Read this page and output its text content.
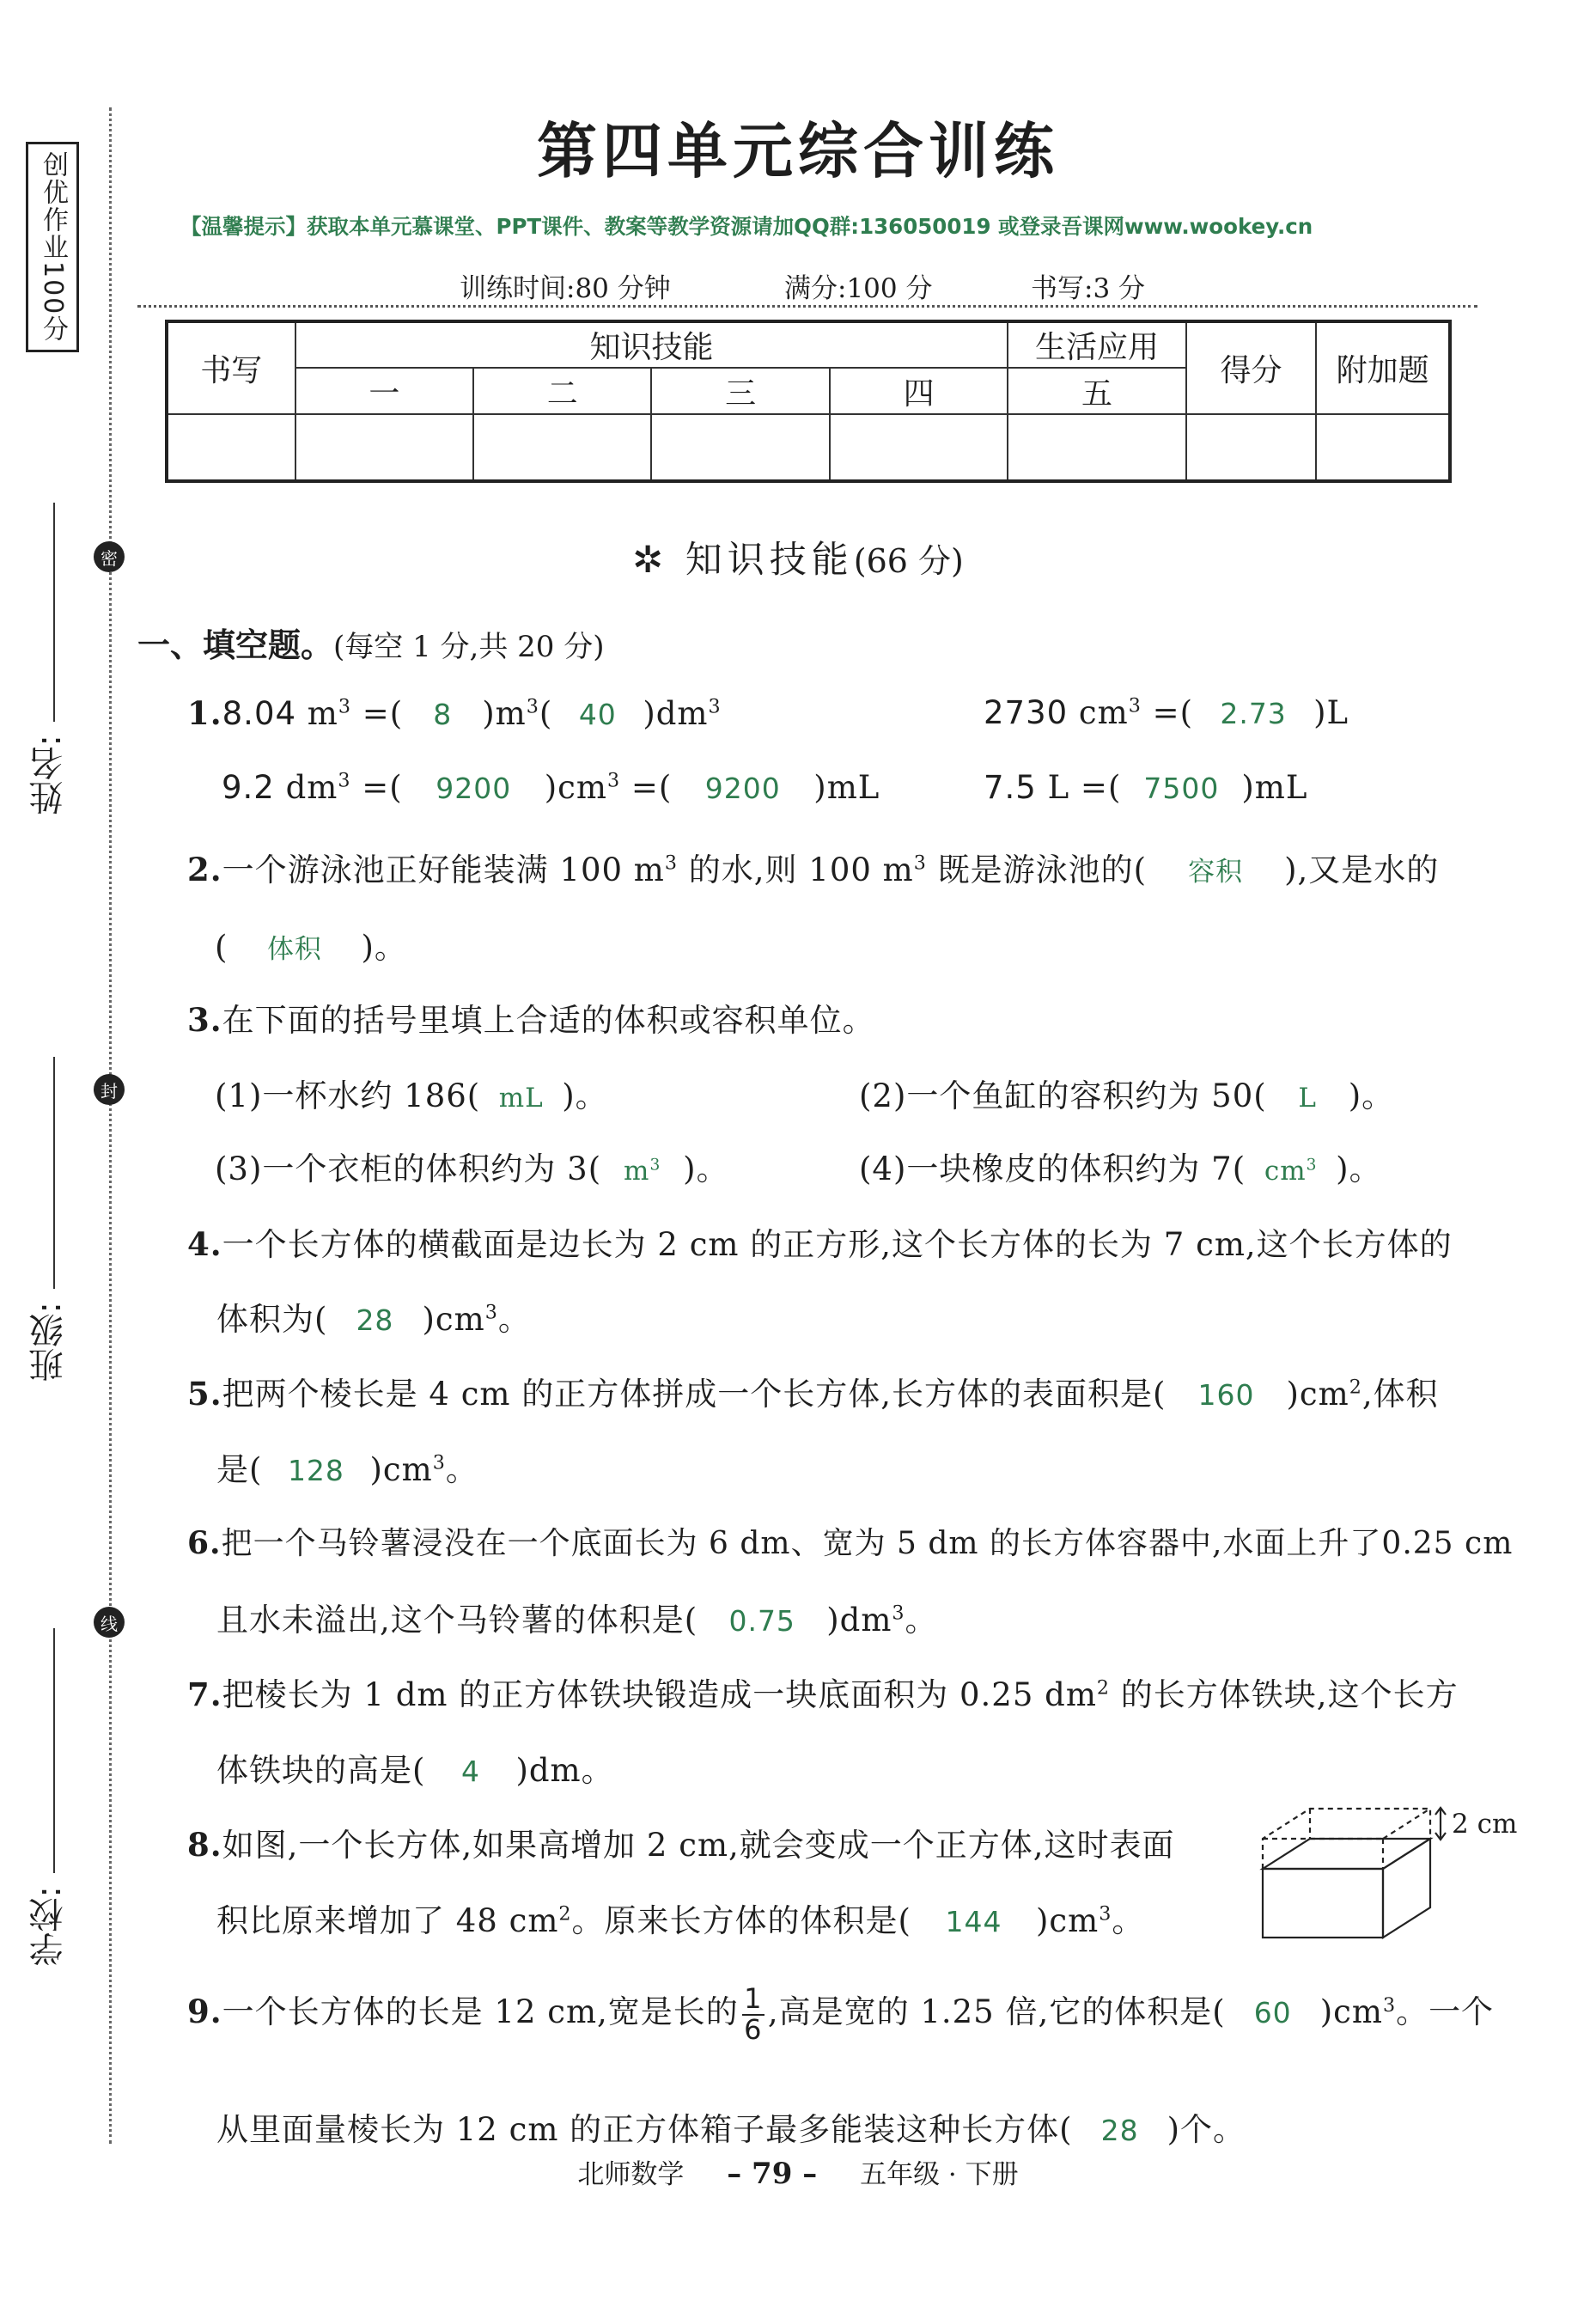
创优作业100分
密
封
线
姓名:
班级:
学校:
第四单元综合训练
【温馨提示】获取本单元慕课堂、PPT课件、教案等教学资源请加QQ群:136050019 或登录吾课网www.wookey.cn
训练时间:80 分钟	满分:100 分	书写:3 分
书写	知识技能				生活应用	得分	附加题
	一	二	三	四	五		

✲ 知识技能(66 分)
一、填空题。(每空 1 分,共 20 分)
1.8.04 $m^3$ =( 8 )$m^3$( 40 )$dm^3$	2730 $cm^3$ =( 2.73 )L
9.2 $dm^3$ =( 9200 )$cm^3$ =( 9200 )mL	7.5 L =( 7500 )mL
2.一个游泳池正好能装满 100 $m^3$ 的水,则 100 $m^3$ 既是游泳池的( 容积 ),又是水的
( 体积 )。
3.在下面的括号里填上合适的体积或容积单位。
(1)一杯水约 186( mL )。	(2)一个鱼缸的容积约为 50( L )。
(3)一个衣柜的体积约为 3( $m^3$ )。	(4)一块橡皮的体积约为 7( $cm^3$ )。
4.一个长方体的横截面是边长为 2 cm 的正方形,这个长方体的长为 7 cm,这个长方体的
体积为( 28 )$cm^3$。
5.把两个棱长是 4 cm 的正方体拼成一个长方体,长方体的表面积是( 160 )$cm^2$,体积
是( 128 )$cm^3$。
6.把一个马铃薯浸没在一个底面长为 6 dm、宽为 5 dm 的长方体容器中,水面上升了0.25 cm
且水未溢出,这个马铃薯的体积是( 0.75 )$dm^3$。
7.把棱长为 1 dm 的正方体铁块锻造成一块底面积为 0.25 $dm^2$ 的长方体铁块,这个长方
体铁块的高是( 4 )dm。
8.如图,一个长方体,如果高增加 2 cm,就会变成一个正方体,这时表面
积比原来增加了 48 $cm^2$。原来长方体的体积是( 144 )$cm^3$。
2 cm
9.一个长方体的长是 12 cm,宽是长的 $\frac{1}{6}$ ,高是宽的 1.25 倍,它的体积是( 60 )$cm^3$。一个
从里面量棱长为 12 cm 的正方体箱子最多能装这种长方体( 28 )个。
北师数学 – 79 – 五年级 · 下册
